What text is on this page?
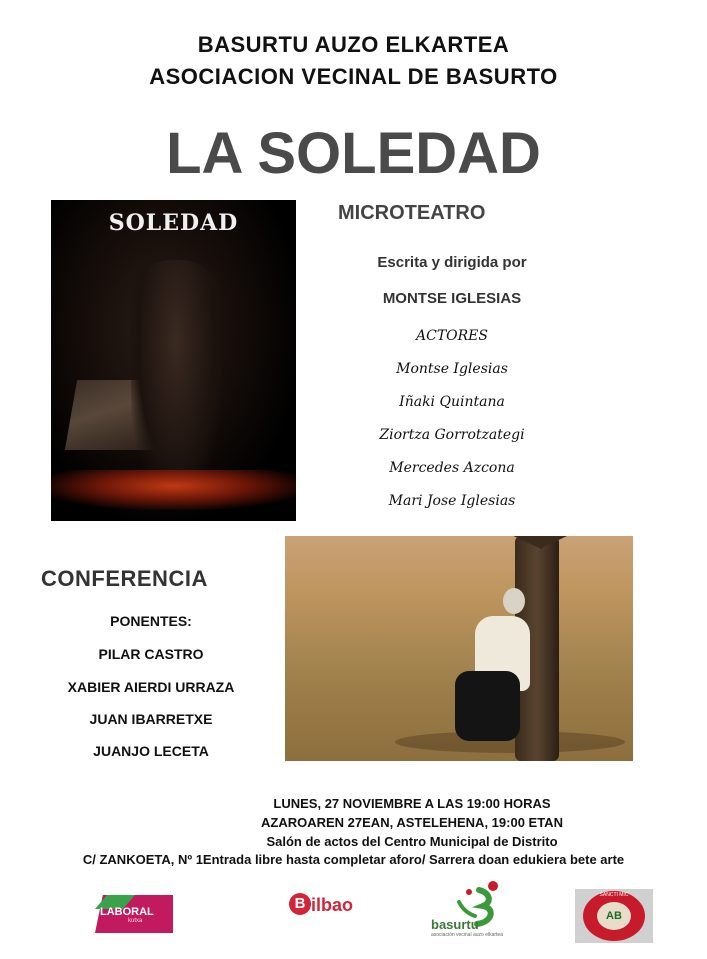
BASURTU AUZO ELKARTEA
ASOCIACION VECINAL DE BASURTO
LA SOLEDAD
SOLEDAD	MICROTEATRO
Escrita y dirigida por
MONTSE IGLESIAS
ACTORES
Montse Iglesias
Iñaki Quintana
Ziortza Gorrotzategi
Mercedes Azcona
Mari Jose Iglesias
CONFERENCIA
PONENTES:
PILAR CASTRO
XABIER AIERDI URRAZA
JUAN IBARRETXE
JUANJO LECETA
LUNES, 27 NOVIEMBRE A LAS 19:00 HORAS
AZAROAREN 27EAN, ASTELEHENA, 19:00 ETAN
Salón de actos del Centro Municipal de Distrito
C/ ZANKOETA, Nº 1Entrada libre hasta completar aforo/ Sarrera doan edukiera bete arte
LABORAL
kutxa
B ilbao
basurtu
asociación vecinal auzo elkartea
SANCTI MIC
AB
